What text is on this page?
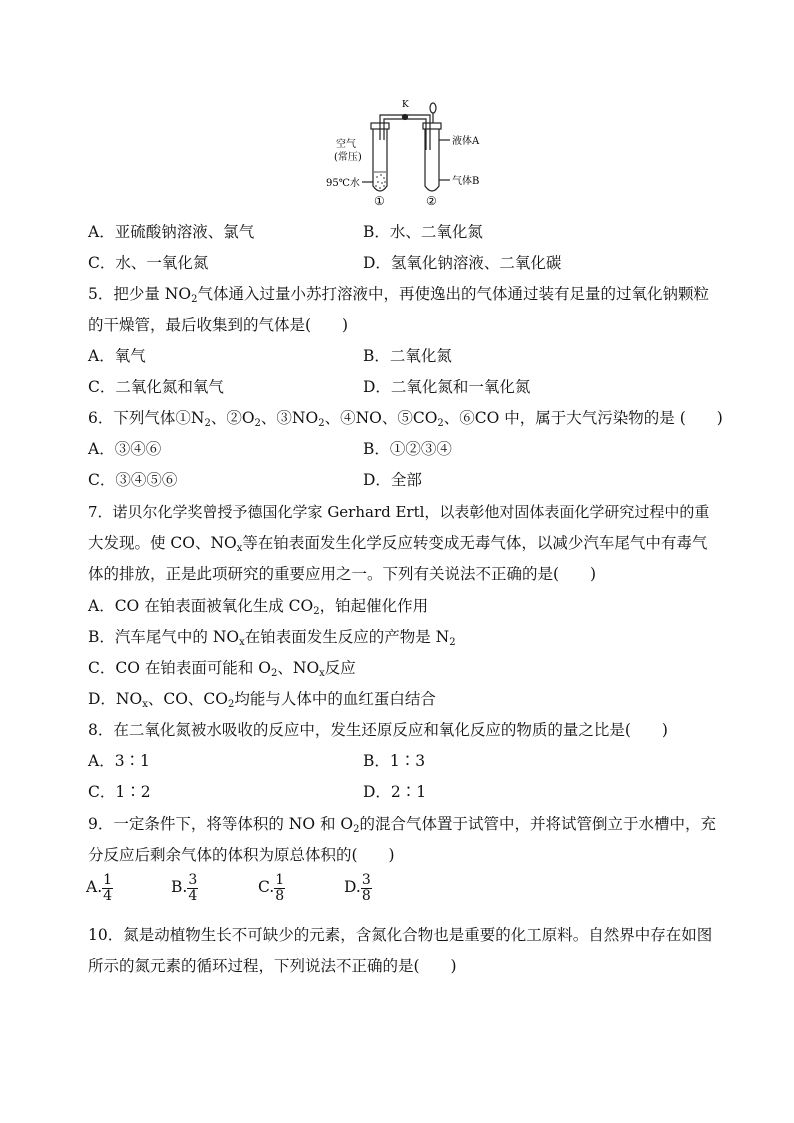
K
空气
(常压)
95℃水
液体A
气体B
①	②
A．亚硫酸钠溶液、氯气	B．水、二氧化氮
C．水、一氧化氮	D．氢氧化钠溶液、二氧化碳
5．把少量 $NO_2$气体通入过量小苏打溶液中，再使逸出的气体通过装有足量的过氧化钠颗粒
的干燥管，最后收集到的气体是(　　)
A．氧气	B．二氧化氮
C．二氧化氮和氧气	D．二氧化氮和一氧化氮
6．下列气体$①N_2$、$②O_2$、$③NO_2$、④NO、$⑤CO_2$、⑥CO 中，属于大气污染物的是 (　　)
A．③④⑥	B．①②③④
C．③④⑤⑥	D．全部
7．诺贝尔化学奖曾授予德国化学家 Gerhard Ertl，以表彰他对固体表面化学研究过程中的重
大发现。使 CO、$NO_x$等在铂表面发生化学反应转变成无毒气体，以减少汽车尾气中有毒气
体的排放，正是此项研究的重要应用之一。下列有关说法不正确的是(　　)
A．CO 在铂表面被氧化生成 $CO_2$，铂起催化作用
B．汽车尾气中的 $NO_x$在铂表面发生反应的产物是 $N_2$
C．CO 在铂表面可能和 $O_2$、$NO_x$反应
D．$NO_x$、CO、$CO_2$均能与人体中的血红蛋白结合
8．在二氧化氮被水吸收的反应中，发生还原反应和氧化反应的物质的量之比是(　　)
A．3∶1	B．1∶3
C．1∶2	D．2∶1
9．一定条件下，将等体积的 NO 和 $O_2$的混合气体置于试管中，并将试管倒立于水槽中，充
分反应后剩余气体的体积为原总体积的(　　)
A. $\frac{1}{4}$	B. $\frac{3}{4}$	C. $\frac{1}{8}$	D. $\frac{3}{8}$
10．氮是动植物生长不可缺少的元素，含氮化合物也是重要的化工原料。自然界中存在如图
所示的氮元素的循环过程，下列说法不正确的是(　　)
